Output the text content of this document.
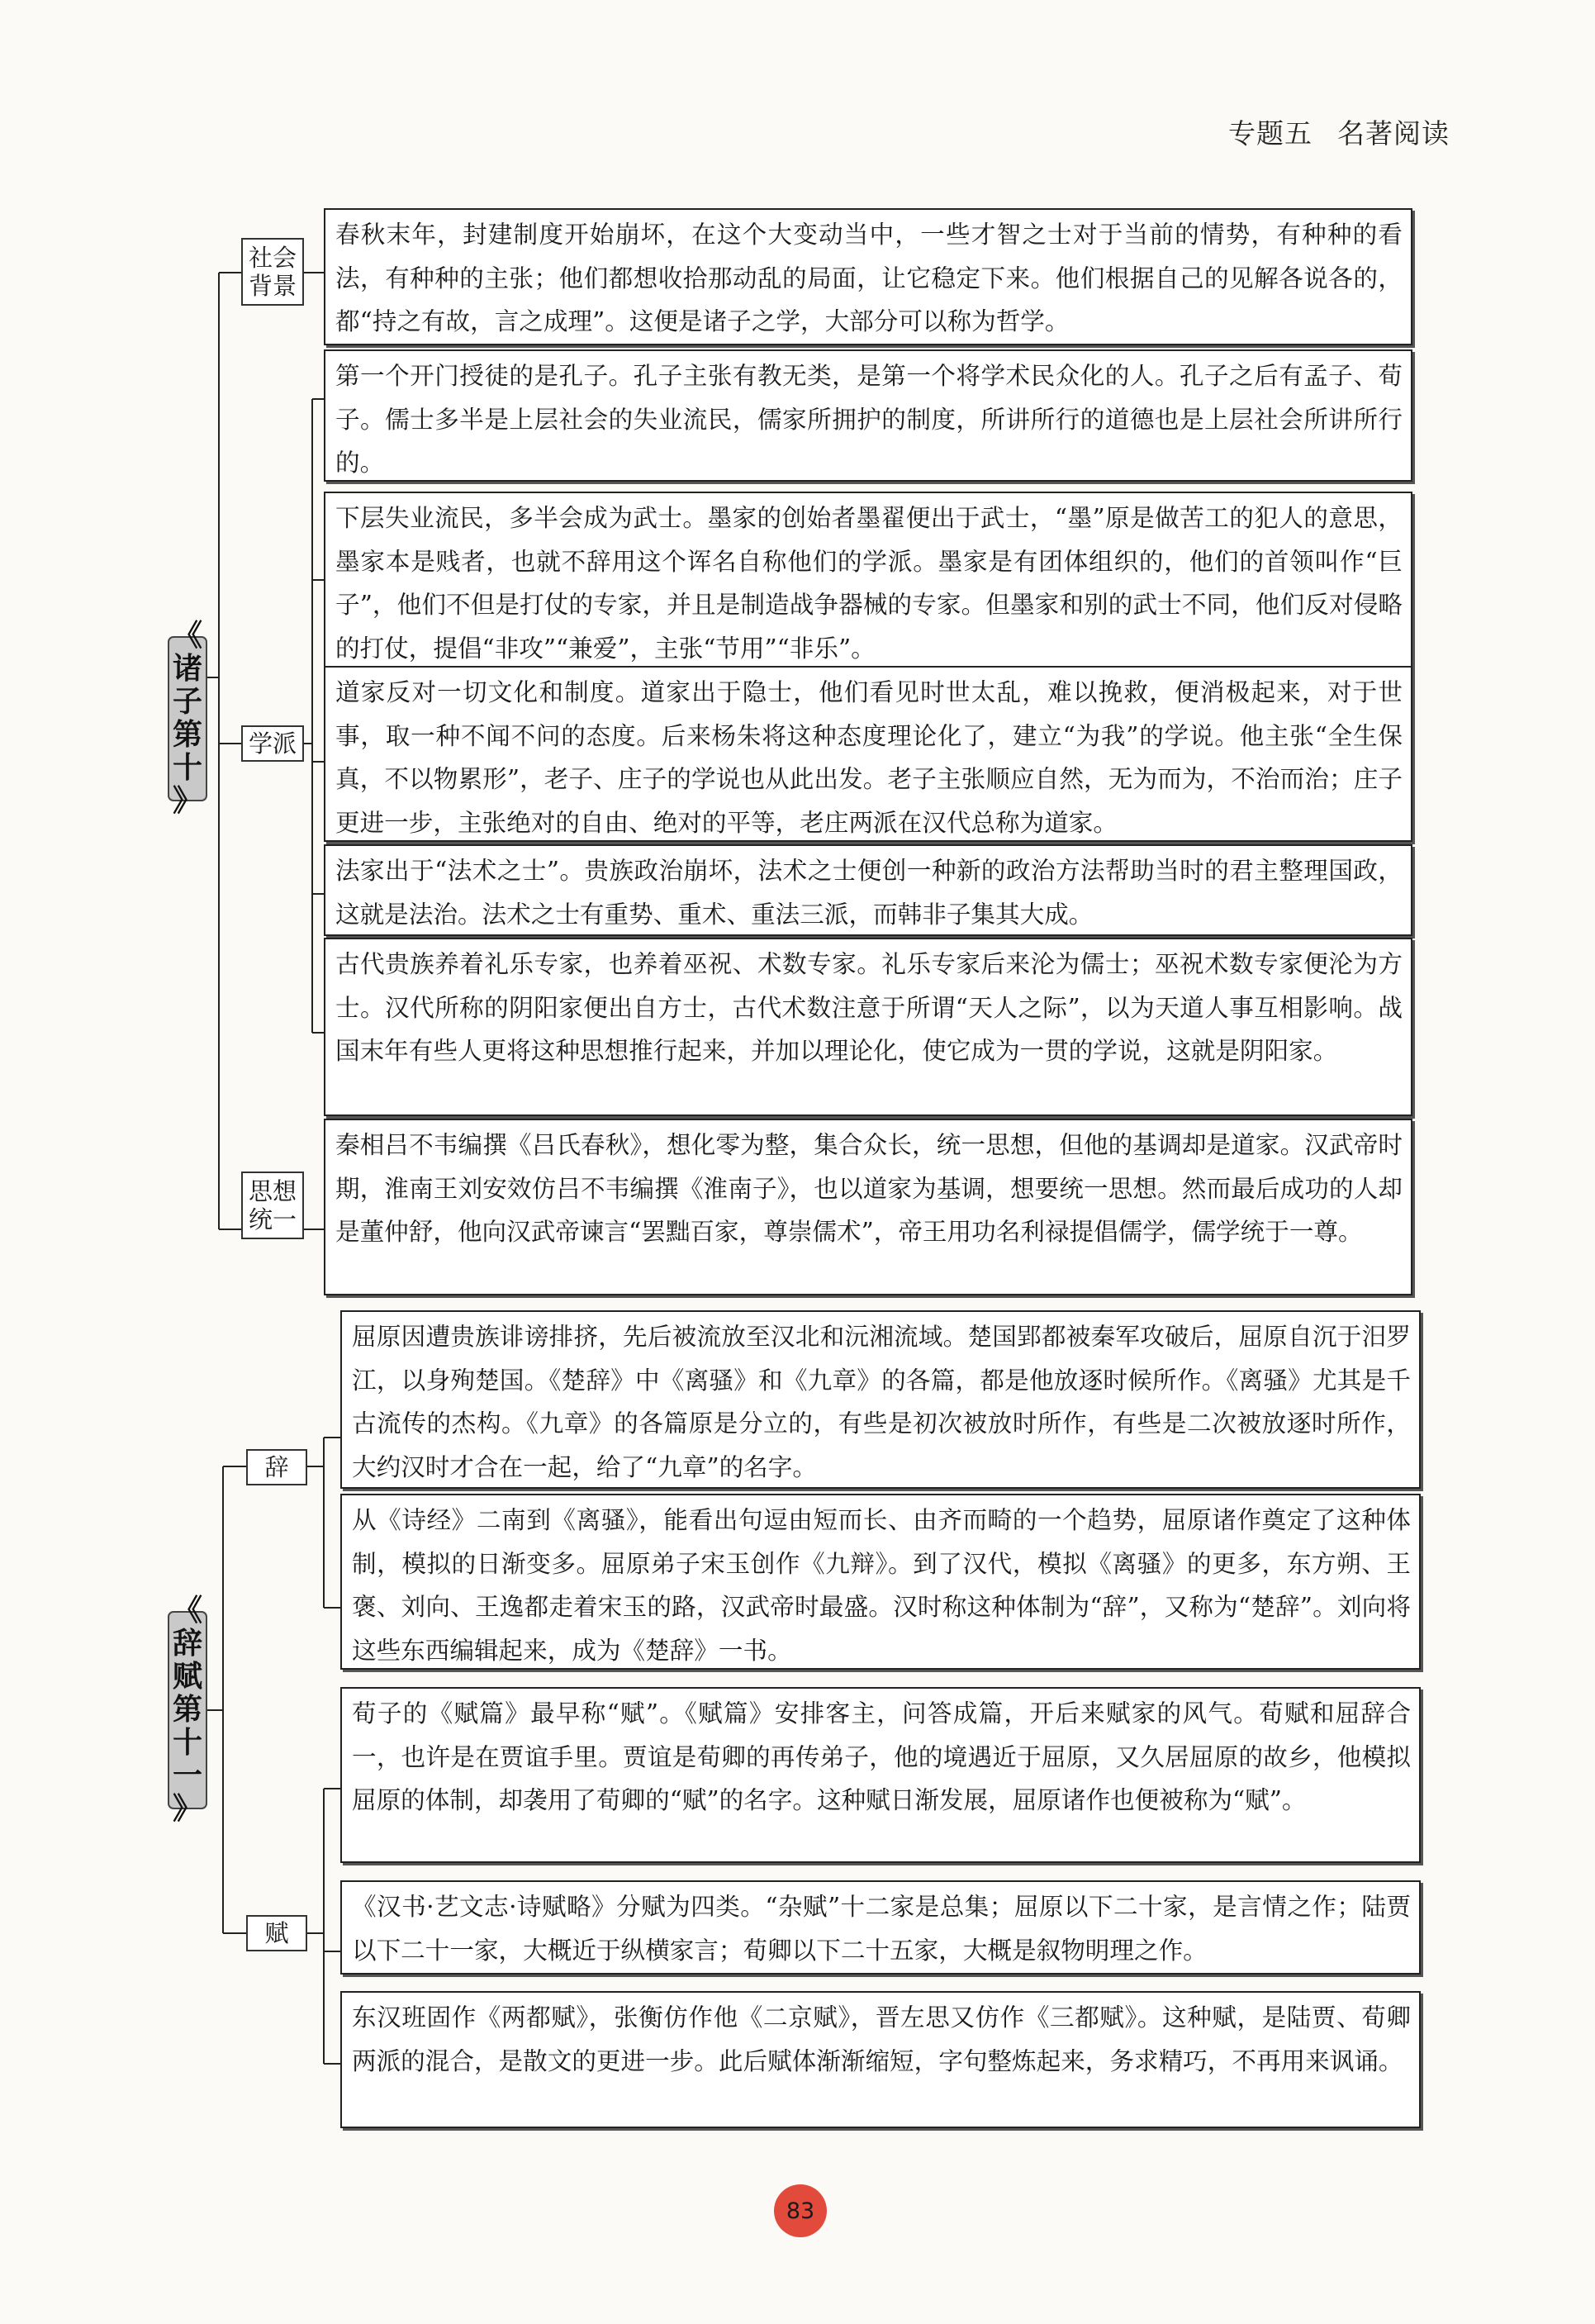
专题五 名著阅读
《
诸
子
第
十
》
社会背景
学派
思想统一
春秋末年，封建制度开始崩坏，在这个大变动当中，一些才智之士对于当前的情势，有种种的看法，有种种的主张；他们都想收拾那动乱的局面，让它稳定下来。他们根据自己的见解各说各的，都“持之有故，言之成理”。这便是诸子之学，大部分可以称为哲学。
第一个开门授徒的是孔子。孔子主张有教无类，是第一个将学术民众化的人。孔子之后有孟子、荀子。儒士多半是上层社会的失业流民，儒家所拥护的制度，所讲所行的道德也是上层社会所讲所行的。
下层失业流民，多半会成为武士。墨家的创始者墨翟便出于武士，“墨”原是做苦工的犯人的意思，墨家本是贱者，也就不辞用这个诨名自称他们的学派。墨家是有团体组织的，他们的首领叫作“巨子”，他们不但是打仗的专家，并且是制造战争器械的专家。但墨家和别的武士不同，他们反对侵略的打仗，提倡“非攻”“兼爱”，主张“节用”“非乐”。
道家反对一切文化和制度。道家出于隐士，他们看见时世太乱，难以挽救，便消极起来，对于世事，取一种不闻不问的态度。后来杨朱将这种态度理论化了，建立“为我”的学说。他主张“全生保真，不以物累形”，老子、庄子的学说也从此出发。老子主张顺应自然，无为而为，不治而治；庄子更进一步，主张绝对的自由、绝对的平等，老庄两派在汉代总称为道家。
法家出于“法术之士”。贵族政治崩坏，法术之士便创一种新的政治方法帮助当时的君主整理国政，这就是法治。法术之士有重势、重术、重法三派，而韩非子集其大成。
古代贵族养着礼乐专家，也养着巫祝、术数专家。礼乐专家后来沦为儒士；巫祝术数专家便沦为方士。汉代所称的阴阳家便出自方士，古代术数注意于所谓“天人之际”，以为天道人事互相影响。战国末年有些人更将这种思想推行起来，并加以理论化，使它成为一贯的学说，这就是阴阳家。
秦相吕不韦编撰《吕氏春秋》，想化零为整，集合众长，统一思想，但他的基调却是道家。汉武帝时期，淮南王刘安效仿吕不韦编撰《淮南子》，也以道家为基调，想要统一思想。然而最后成功的人却是董仲舒，他向汉武帝谏言“罢黜百家，尊崇儒术”，帝王用功名利禄提倡儒学，儒学统于一尊。
《
辞
赋
第
十
一
》
辞
赋
屈原因遭贵族诽谤排挤，先后被流放至汉北和沅湘流域。楚国郢都被秦军攻破后，屈原自沉于汨罗江，以身殉楚国。《楚辞》中《离骚》和《九章》的各篇，都是他放逐时候所作。《离骚》尤其是千古流传的杰构。《九章》的各篇原是分立的，有些是初次被放时所作，有些是二次被放逐时所作，大约汉时才合在一起，给了“九章”的名字。
从《诗经》二南到《离骚》，能看出句逗由短而长、由齐而畸的一个趋势，屈原诸作奠定了这种体制，模拟的日渐变多。屈原弟子宋玉创作《九辩》。到了汉代，模拟《离骚》的更多，东方朔、王褒、刘向、王逸都走着宋玉的路，汉武帝时最盛。汉时称这种体制为“辞”，又称为“楚辞”。刘向将这些东西编辑起来，成为《楚辞》一书。
荀子的《赋篇》最早称“赋”。《赋篇》安排客主，问答成篇，开后来赋家的风气。荀赋和屈辞合一，也许是在贾谊手里。贾谊是荀卿的再传弟子，他的境遇近于屈原，又久居屈原的故乡，他模拟屈原的体制，却袭用了荀卿的“赋”的名字。这种赋日渐发展，屈原诸作也便被称为“赋”。
《汉书·艺文志·诗赋略》分赋为四类。“杂赋”十二家是总集；屈原以下二十家，是言情之作；陆贾以下二十一家，大概近于纵横家言；荀卿以下二十五家，大概是叙物明理之作。
东汉班固作《两都赋》，张衡仿作他《二京赋》，晋左思又仿作《三都赋》。这种赋，是陆贾、荀卿两派的混合，是散文的更进一步。此后赋体渐渐缩短，字句整炼起来，务求精巧，不再用来讽诵。
83
